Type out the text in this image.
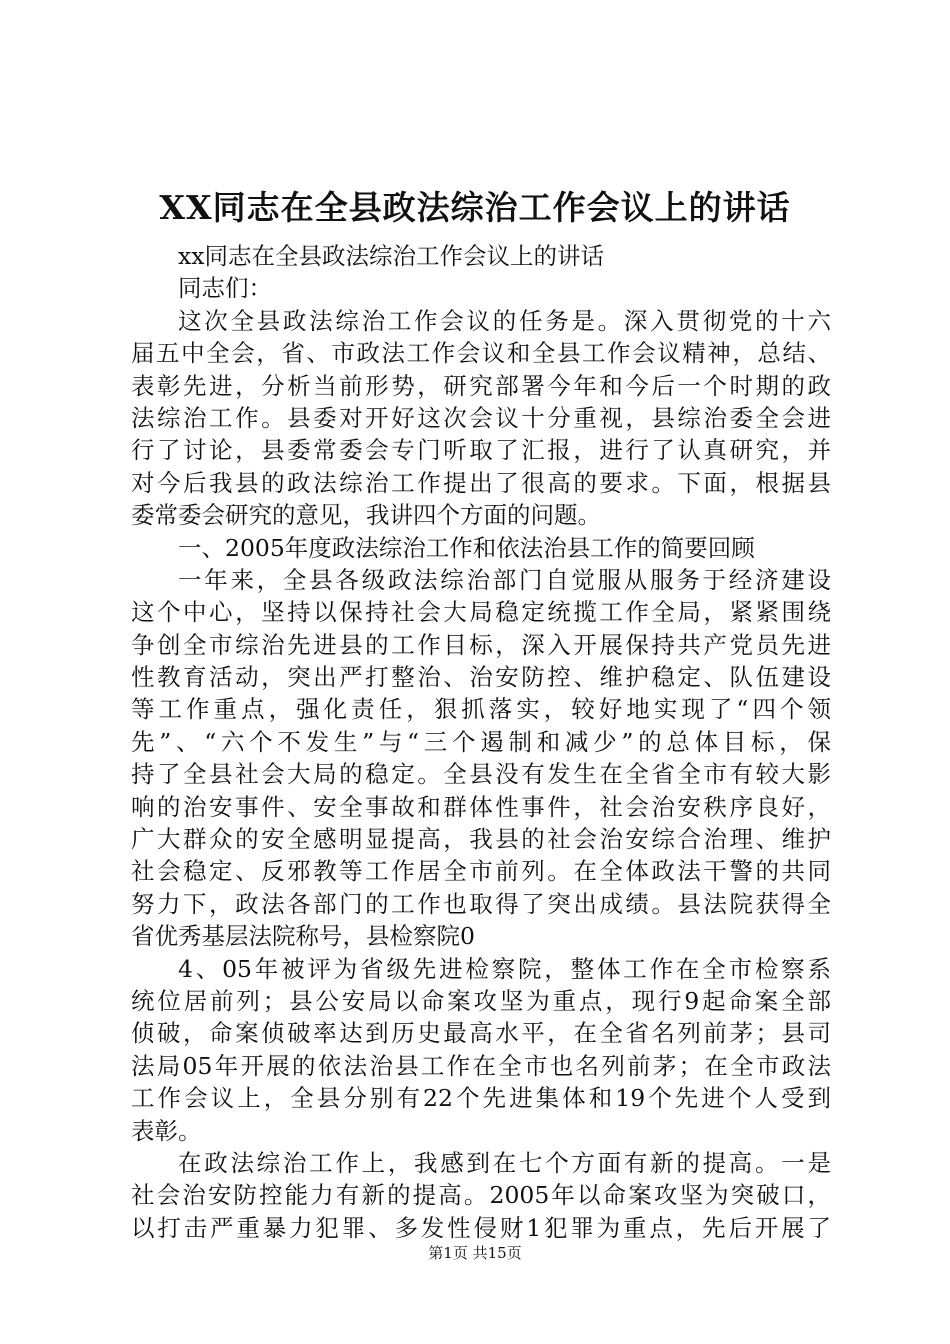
XX同志在全县政法综治工作会议上的讲话
xx同志在全县政法综治工作会议上的讲话
同志们：
这次全县政法综治工作会议的任务是。深入贯彻党的十六
届五中全会，省、市政法工作会议和全县工作会议精神，总结、
表彰先进，分析当前形势，研究部署今年和今后一个时期的政
法综治工作。县委对开好这次会议十分重视，县综治委全会进
行了讨论，县委常委会专门听取了汇报，进行了认真研究，并
对今后我县的政法综治工作提出了很高的要求。下面，根据县
委常委会研究的意见，我讲四个方面的问题。
一、2005年度政法综治工作和依法治县工作的简要回顾
一年来，全县各级政法综治部门自觉服从服务于经济建设
这个中心，坚持以保持社会大局稳定统揽工作全局，紧紧围绕
争创全市综治先进县的工作目标，深入开展保持共产党员先进
性教育活动，突出严打整治、治安防控、维护稳定、队伍建设
等工作重点，强化责任，狠抓落实，较好地实现了“四个领
先”、“六个不发生”与“三个遏制和减少”的总体目标，保
持了全县社会大局的稳定。全县没有发生在全省全市有较大影
响的治安事件、安全事故和群体性事件，社会治安秩序良好，
广大群众的安全感明显提高，我县的社会治安综合治理、维护
社会稳定、反邪教等工作居全市前列。在全体政法干警的共同
努力下，政法各部门的工作也取得了突出成绩。县法院获得全
省优秀基层法院称号，县检察院0
4、05年被评为省级先进检察院，整体工作在全市检察系
统位居前列；县公安局以命案攻坚为重点，现行9起命案全部
侦破，命案侦破率达到历史最高水平，在全省名列前茅；县司
法局05年开展的依法治县工作在全市也名列前茅；在全市政法
工作会议上，全县分别有22个先进集体和19个先进个人受到
表彰。
在政法综治工作上，我感到在七个方面有新的提高。一是
社会治安防控能力有新的提高。2005年以命案攻坚为突破口，
以打击严重暴力犯罪、多发性侵财1犯罪为重点，先后开展了
第1页 共15页
